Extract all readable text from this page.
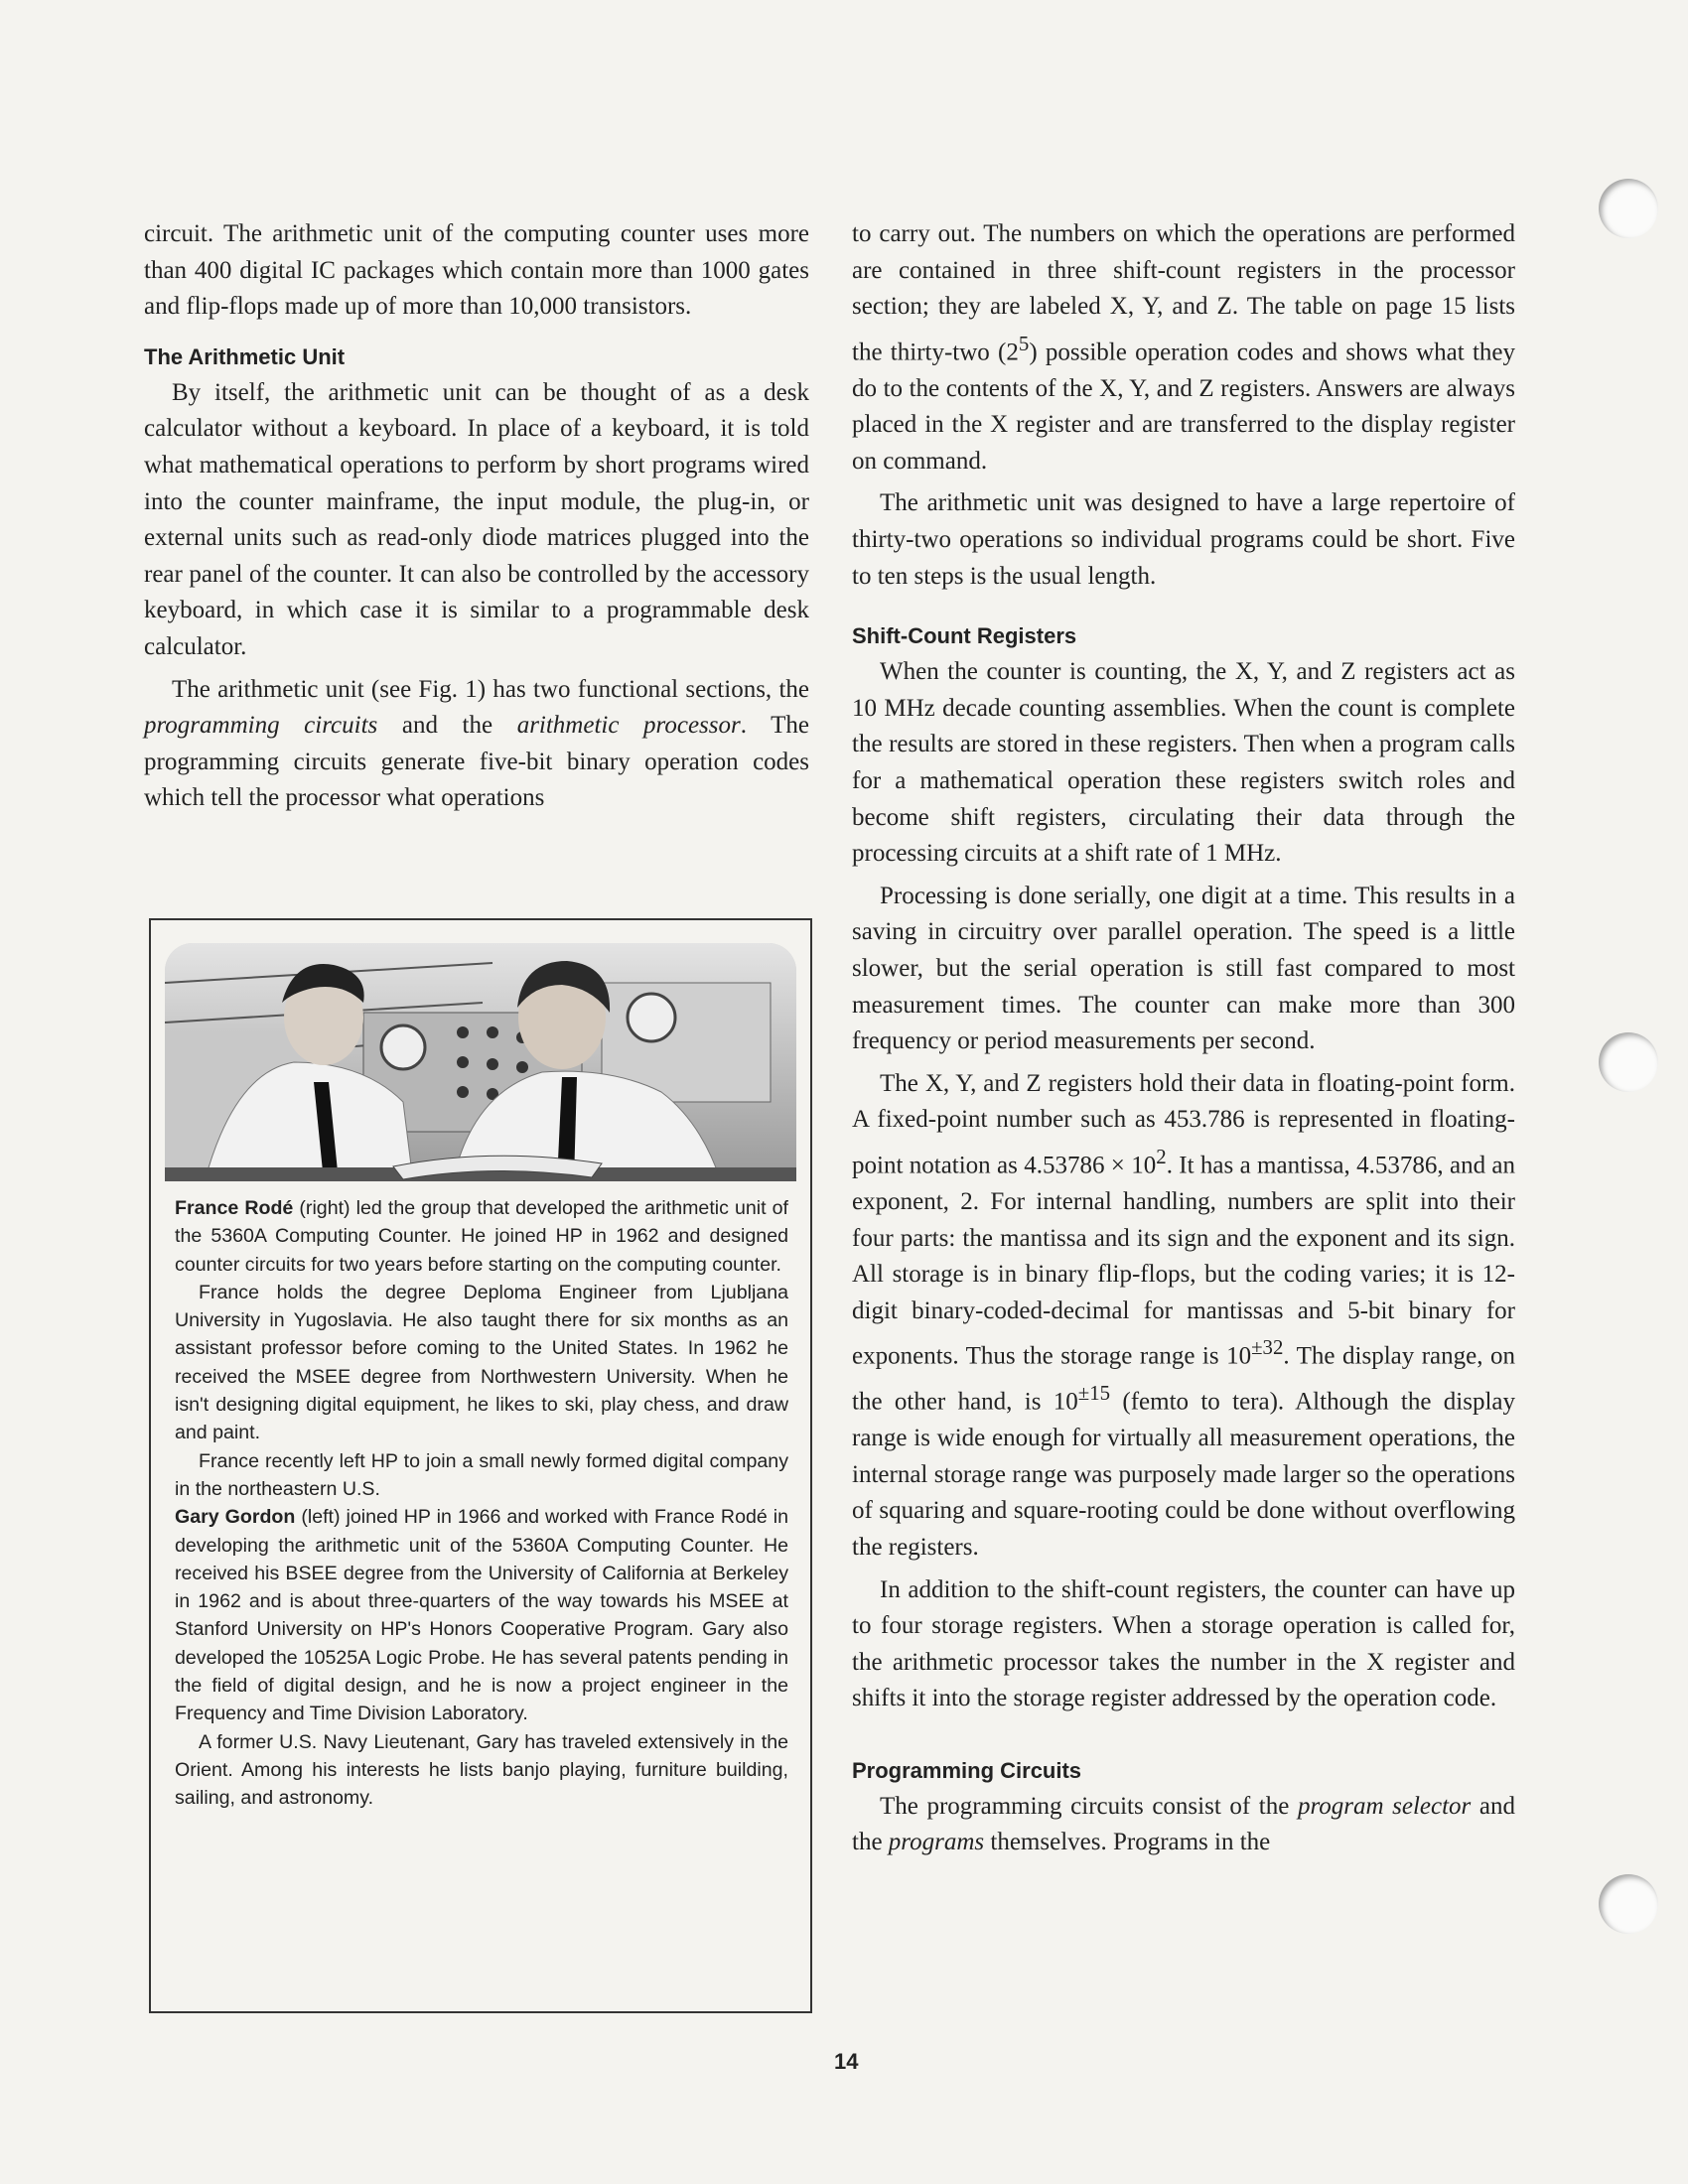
circuit. The arithmetic unit of the computing counter uses more than 400 digital IC packages which contain more than 1000 gates and flip-flops made up of more than 10,000 transistors.

The Arithmetic Unit

By itself, the arithmetic unit can be thought of as a desk calculator without a keyboard. In place of a keyboard, it is told what mathematical operations to perform by short programs wired into the counter mainframe, the input module, the plug-in, or external units such as read-only diode matrices plugged into the rear panel of the counter. It can also be controlled by the accessory keyboard, in which case it is similar to a programmable desk calculator.

The arithmetic unit (see Fig. 1) has two functional sections, the programming circuits and the arithmetic processor. The programming circuits generate five-bit binary operation codes which tell the processor what operations

France Rodé (right) led the group that developed the arithmetic unit of the 5360A Computing Counter. He joined HP in 1962 and designed counter circuits for two years before starting on the computing counter.

France holds the degree Deploma Engineer from Ljubljana University in Yugoslavia. He also taught there for six months as an assistant professor before coming to the United States. In 1962 he received the MSEE degree from Northwestern University. When he isn't designing digital equipment, he likes to ski, play chess, and draw and paint.

France recently left HP to join a small newly formed digital company in the northeastern U.S.

Gary Gordon (left) joined HP in 1966 and worked with France Rodé in developing the arithmetic unit of the 5360A Computing Counter. He received his BSEE degree from the University of California at Berkeley in 1962 and is about three-quarters of the way towards his MSEE at Stanford University on HP's Honors Cooperative Program. Gary also developed the 10525A Logic Probe. He has several patents pending in the field of digital design, and he is now a project engineer in the Frequency and Time Division Laboratory.

A former U.S. Navy Lieutenant, Gary has traveled extensively in the Orient. Among his interests he lists banjo playing, furniture building, sailing, and astronomy.

to carry out. The numbers on which the operations are performed are contained in three shift-count registers in the processor section; they are labeled X, Y, and Z. The table on page 15 lists the thirty-two $(2^5)$ possible operation codes and shows what they do to the contents of the X, Y, and Z registers. Answers are always placed in the X register and are transferred to the display register on command.

The arithmetic unit was designed to have a large repertoire of thirty-two operations so individual programs could be short. Five to ten steps is the usual length.

Shift-Count Registers

When the counter is counting, the X, Y, and Z registers act as 10 MHz decade counting assemblies. When the count is complete the results are stored in these registers. Then when a program calls for a mathematical operation these registers switch roles and become shift registers, circulating their data through the processing circuits at a shift rate of 1 MHz.

Processing is done serially, one digit at a time. This results in a saving in circuitry over parallel operation. The speed is a little slower, but the serial operation is still fast compared to most measurement times. The counter can make more than 300 frequency or period measurements per second.

The X, Y, and Z registers hold their data in floating-point form. A fixed-point number such as 453.786 is represented in floating-point notation as $4.53786 \times 10^2$. It has a mantissa, 4.53786, and an exponent, 2. For internal handling, numbers are split into their four parts: the mantissa and its sign and the exponent and its sign. All storage is in binary flip-flops, but the coding varies; it is 12-digit binary-coded-decimal for mantissas and 5-bit binary for exponents. Thus the storage range is $10^{\pm 32}$. The display range, on the other hand, is $10^{\pm 15}$ (femto to tera). Although the display range is wide enough for virtually all measurement operations, the internal storage range was purposely made larger so the operations of squaring and square-rooting could be done without overflowing the registers.

In addition to the shift-count registers, the counter can have up to four storage registers. When a storage operation is called for, the arithmetic processor takes the number in the X register and shifts it into the storage register addressed by the operation code.

Programming Circuits

The programming circuits consist of the program selector and the programs themselves. Programs in the

14
